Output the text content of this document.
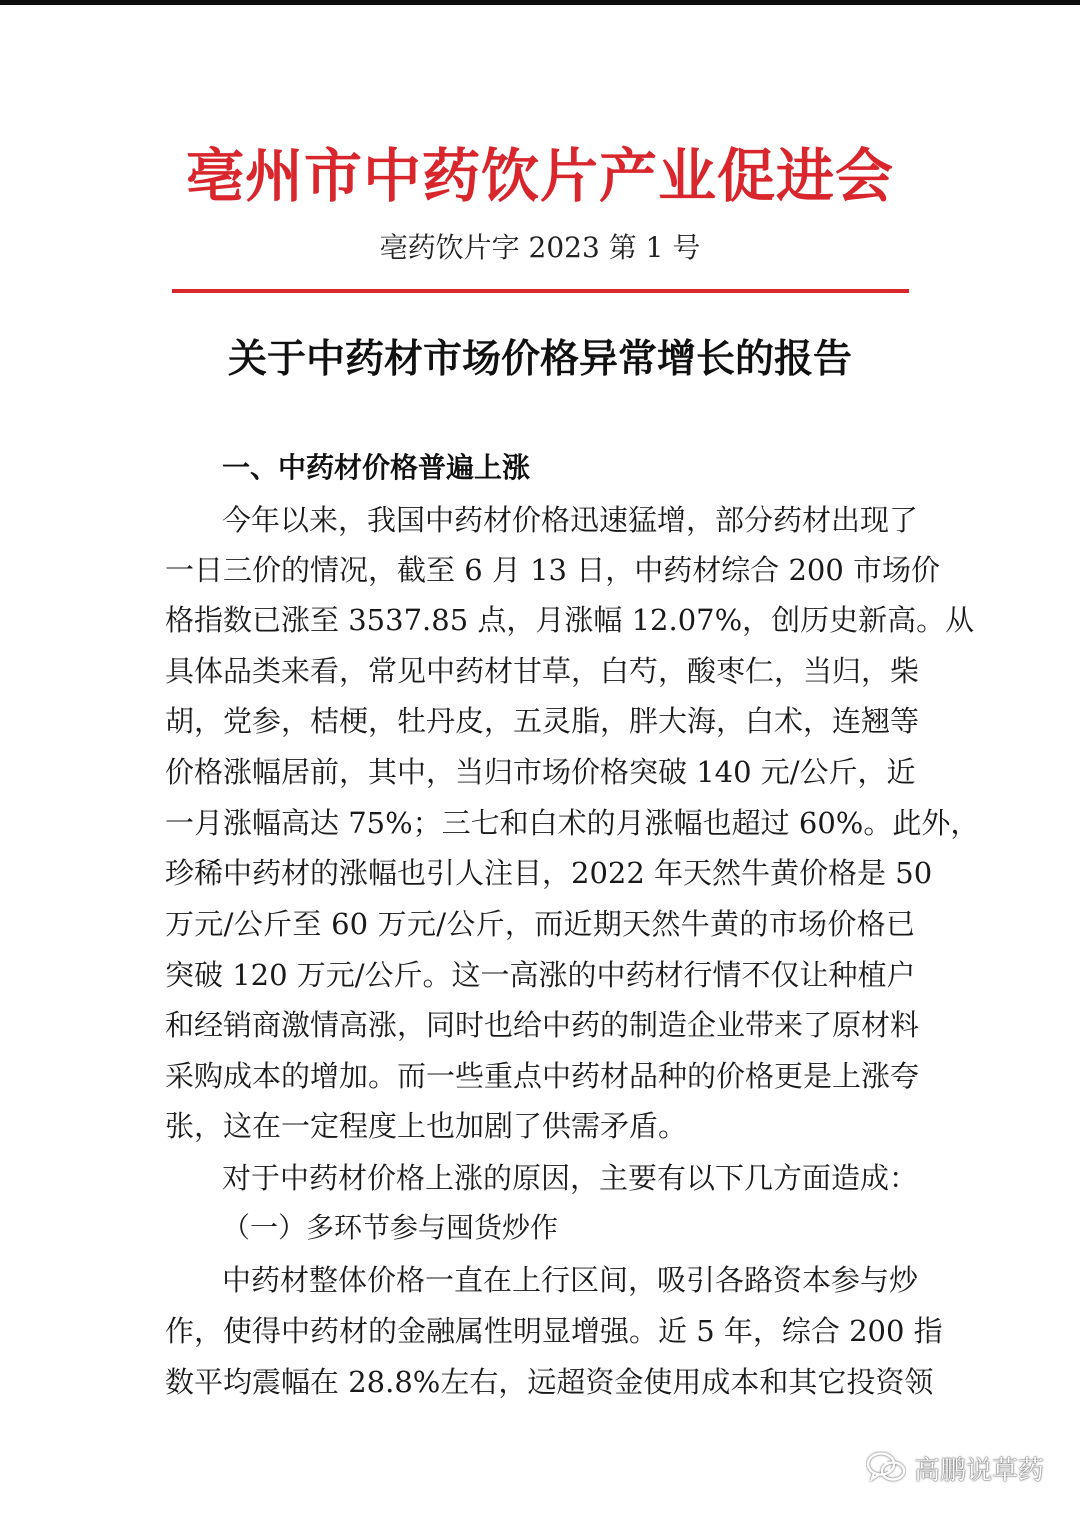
亳州市中药饮片产业促进会
亳药饮片字 2023 第 1 号
关于中药材市场价格异常增长的报告
一、中药材价格普遍上涨
今年以来，我国中药材价格迅速猛增，部分药材出现了
一日三价的情况，截至 6 月 13 日，中药材综合 200 市场价
格指数已涨至 3537.85 点，月涨幅 12.07%，创历史新高。从
具体品类来看，常见中药材甘草，白芍，酸枣仁，当归，柴
胡，党参，桔梗，牡丹皮，五灵脂，胖大海，白术，连翘等
价格涨幅居前，其中，当归市场价格突破 140 元/公斤，近
一月涨幅高达 75%；三七和白术的月涨幅也超过 60%。此外，
珍稀中药材的涨幅也引人注目，2022 年天然牛黄价格是 50
万元/公斤至 60 万元/公斤，而近期天然牛黄的市场价格已
突破 120 万元/公斤。这一高涨的中药材行情不仅让种植户
和经销商激情高涨，同时也给中药的制造企业带来了原材料
采购成本的增加。而一些重点中药材品种的价格更是上涨夸
张，这在一定程度上也加剧了供需矛盾。
对于中药材价格上涨的原因，主要有以下几方面造成：
（一）多环节参与囤货炒作
中药材整体价格一直在上行区间，吸引各路资本参与炒
作，使得中药材的金融属性明显增强。近 5 年，综合 200 指
数平均震幅在 28.8%左右，远超资金使用成本和其它投资领
高鹏说草药
